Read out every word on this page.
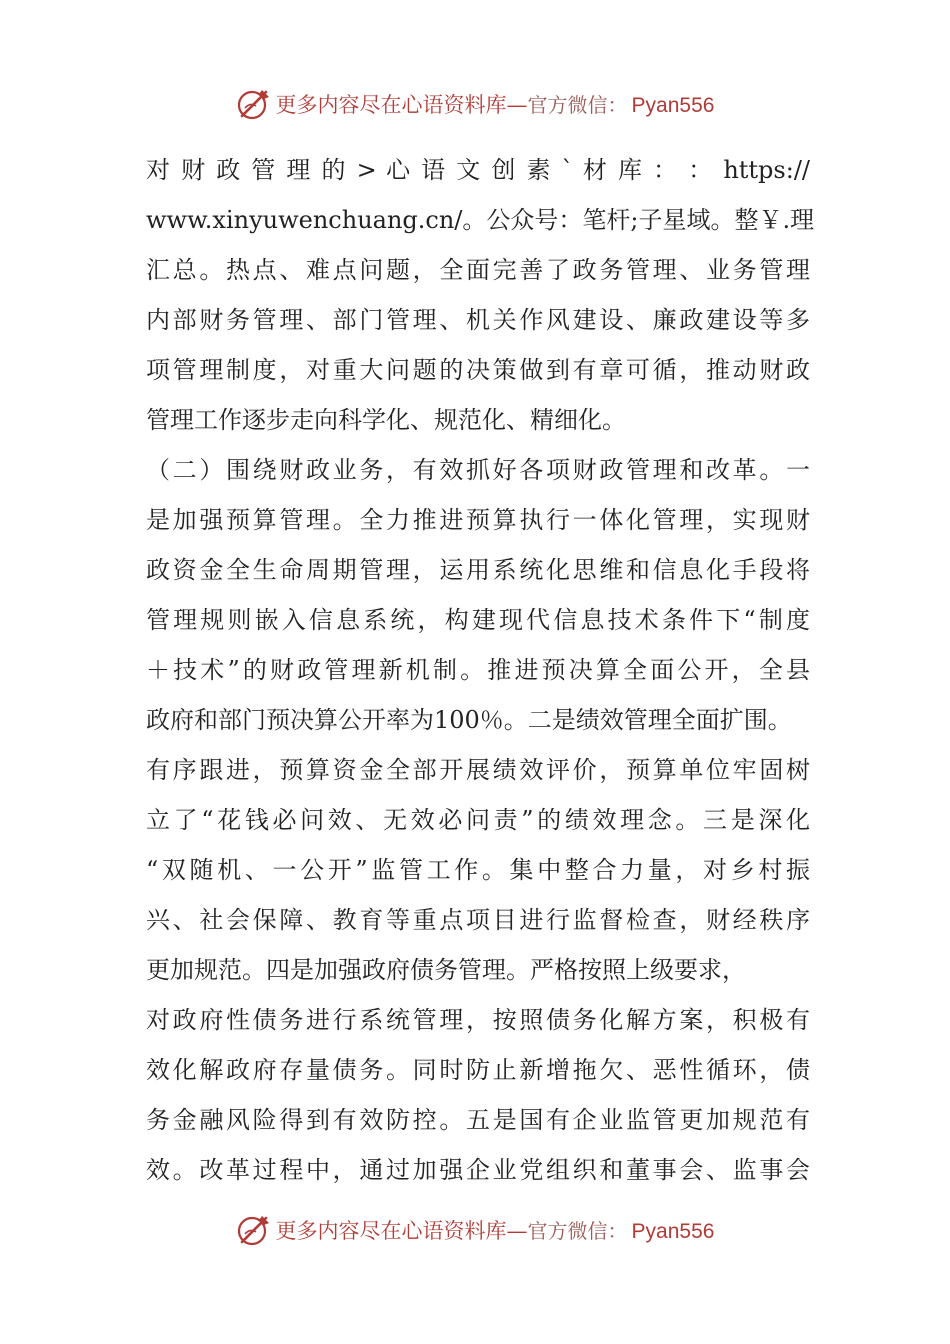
更多内容尽在心语资料库—官方微信： Pyan556
对 财 政 管 理 的 > 心 语 文 创 素 ` 材 库 ： ： https://
www.xinyuwenchuang.cn/。公众号：笔杆;子星域。整￥.理
汇总。热点、难点问题，全面完善了政务管理、业务管理
内部财务管理、部门管理、机关作风建设、廉政建设等多
项管理制度，对重大问题的决策做到有章可循，推动财政
管理工作逐步走向科学化、规范化、精细化。
（二）围绕财政业务，有效抓好各项财政管理和改革。一
是加强预算管理。全力推进预算执行一体化管理，实现财
政资金全生命周期管理，运用系统化思维和信息化手段将
管理规则嵌入信息系统，构建现代信息技术条件下“制度
＋技术”的财政管理新机制。推进预决算全面公开，全县
政府和部门预决算公开率为100％。二是绩效管理全面扩围。
有序跟进，预算资金全部开展绩效评价，预算单位牢固树
立了“花钱必问效、无效必问责”的绩效理念。三是深化
“双随机、一公开”监管工作。集中整合力量，对乡村振
兴、社会保障、教育等重点项目进行监督检查，财经秩序
更加规范。四是加强政府债务管理。严格按照上级要求，
对政府性债务进行系统管理，按照债务化解方案，积极有
效化解政府存量债务。同时防止新增拖欠、恶性循环，债
务金融风险得到有效防控。五是国有企业监管更加规范有
效。改革过程中，通过加强企业党组织和董事会、监事会
更多内容尽在心语资料库—官方微信： Pyan556
